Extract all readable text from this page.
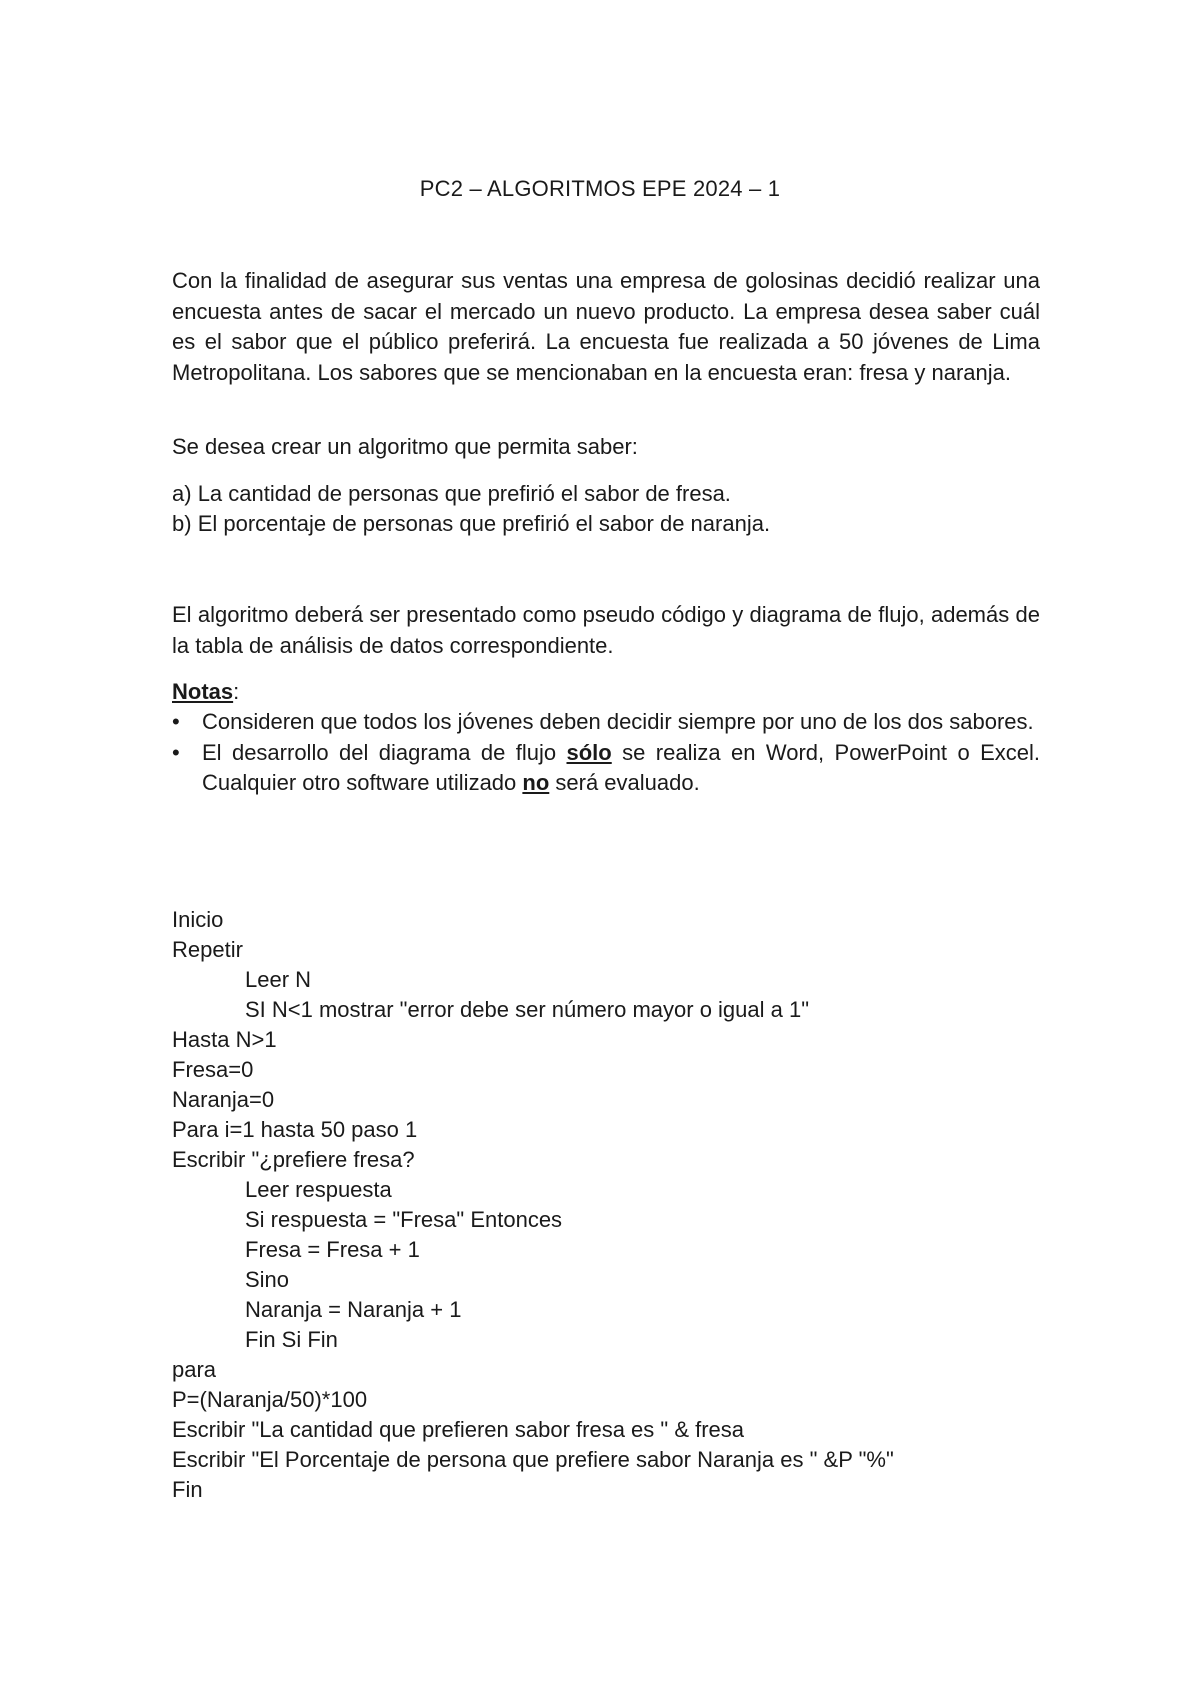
PC2 – ALGORITMOS EPE 2024 – 1

Con la finalidad de asegurar sus ventas una empresa de golosinas decidió realizar una encuesta antes de sacar el mercado un nuevo producto. La empresa desea saber cuál es el sabor que el público preferirá. La encuesta fue realizada a 50 jóvenes de Lima Metropolitana. Los sabores que se mencionaban en la encuesta eran: fresa y naranja.

Se desea crear un algoritmo que permita saber:
a) La cantidad de personas que prefirió el sabor de fresa.
b) El porcentaje de personas que prefirió el sabor de naranja.

El algoritmo deberá ser presentado como pseudo código y diagrama de flujo, además de la tabla de análisis de datos correspondiente.

Notas:
•	Consideren que todos los jóvenes deben decidir siempre por uno de los dos sabores.
•	El desarrollo del diagrama de flujo sólo se realiza en Word, PowerPoint o Excel. Cualquier otro software utilizado no será evaluado.
Inicio
Repetir
Leer N
SI N<1 mostrar "error debe ser número mayor o igual a 1"
Hasta N>1
Fresa=0
Naranja=0
Para i=1 hasta 50 paso 1
Escribir "¿prefiere fresa?
Leer respuesta
Si respuesta = "Fresa" Entonces
Fresa = Fresa + 1
Sino
Naranja = Naranja + 1
Fin Si Fin
para
P=(Naranja/50)*100
Escribir "La cantidad que prefieren sabor fresa es " & fresa
Escribir "El Porcentaje de persona que prefiere sabor Naranja es " &P "%"
Fin
